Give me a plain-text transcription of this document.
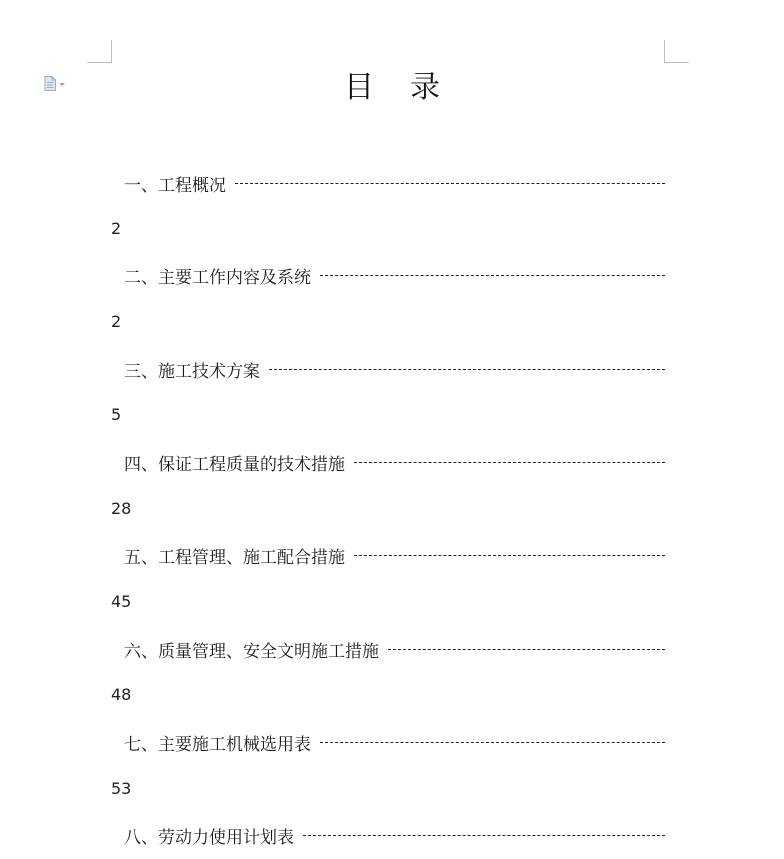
目 录
一、工程概况
2
二、主要工作内容及系统
2
三、施工技术方案
5
四、保证工程质量的技术措施
28
五、工程管理、施工配合措施
45
六、质量管理、安全文明施工措施
48
七、主要施工机械选用表
53
八、劳动力使用计划表
